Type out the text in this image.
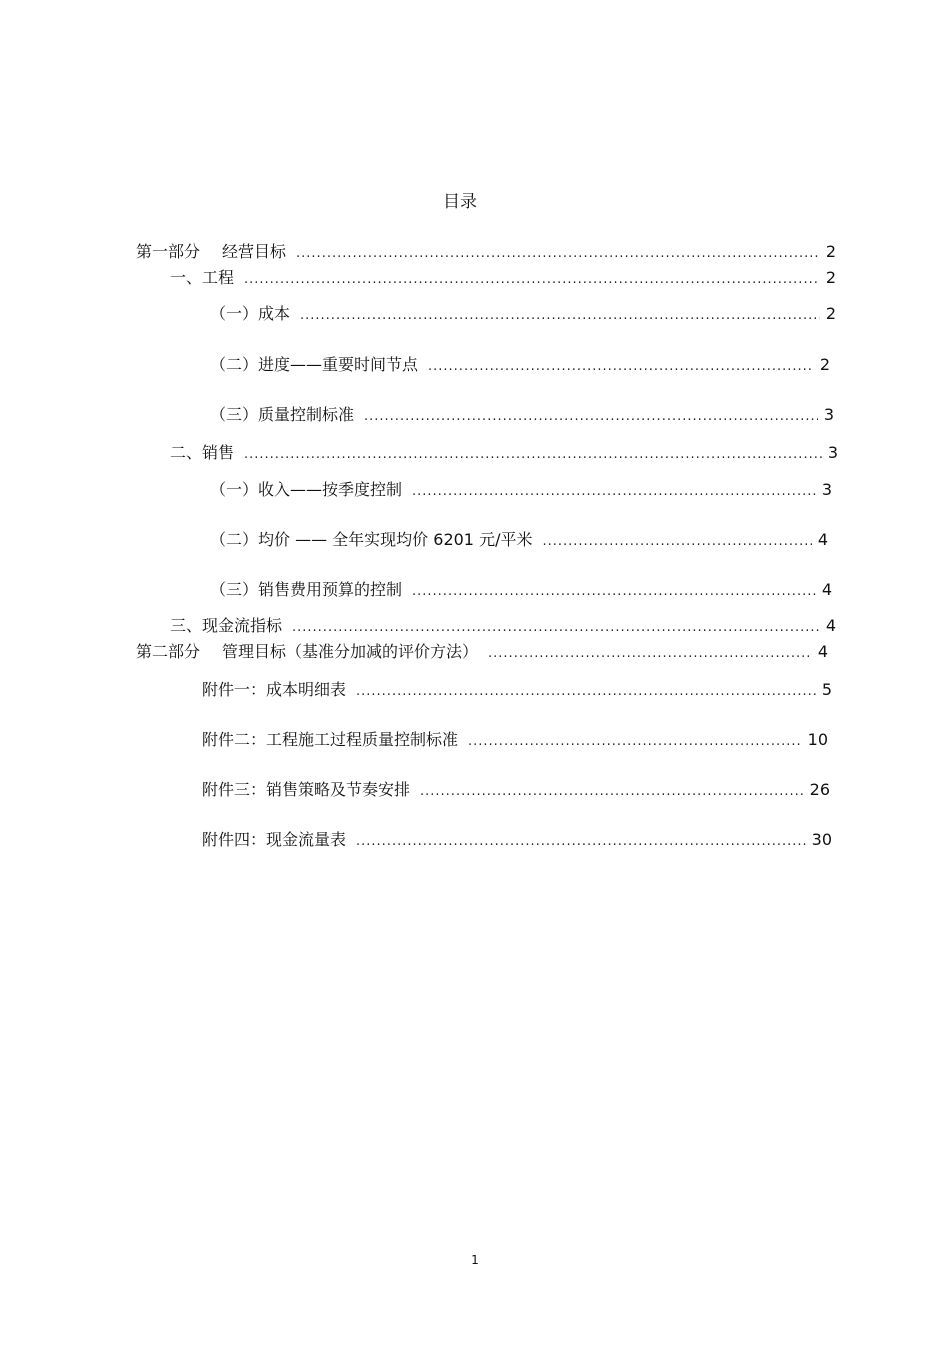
目录
第一部分 经营目标 .....	2
一、工程 .....	2
（一）成本 .....	2
（二）进度——重要时间节点 .....	2
（三）质量控制标准 .....	3
二、销售 .....	3
（一）收入——按季度控制 .....	3
（二）均价 —— 全年实现均价 6201 元/平米 .....	4
（三）销售费用预算的控制 .....	4
三、现金流指标 .....	4
第二部分 管理目标（基准分加减的评价方法） .....	4
附件一：成本明细表 .....	5
附件二：工程施工过程质量控制标准 .....	10
附件三：销售策略及节奏安排 .....	26
附件四：现金流量表 .....	30
1
